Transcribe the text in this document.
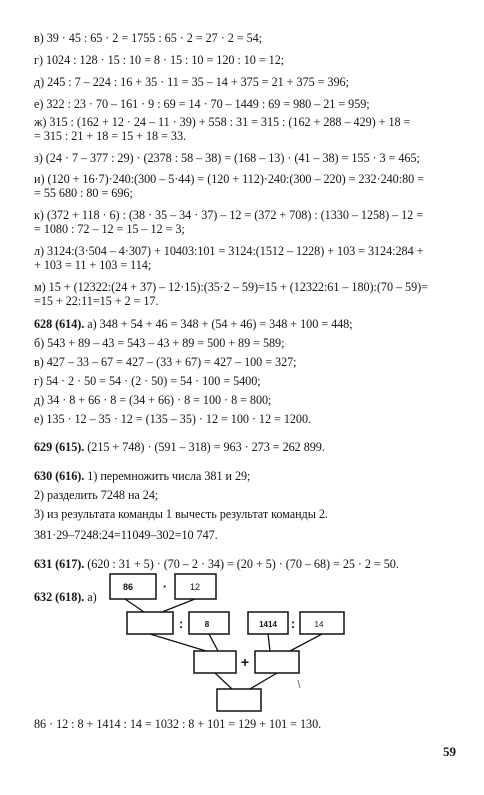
в) 39 · 45 : 65 · 2 = 1755 : 65 · 2 = 27 · 2 = 54;
г) 1024 : 128 · 15 : 10 = 8 · 15 : 10 = 120 : 10 = 12;
д) 245 : 7 – 224 : 16 + 35 · 11 = 35 – 14 + 375 = 21 + 375 = 396;
е) 322 : 23 · 70 – 161 · 9 : 69 = 14 · 70 – 1449 : 69 = 980 – 21 = 959;
ж) 315 : (162 + 12 · 24 – 11 · 39) + 558 : 31 = 315 : (162 + 288 – 429) + 18 =
= 315 : 21 + 18 = 15 + 18 = 33.
з) (24 · 7 – 377 : 29) · (2378 : 58 – 38) = (168 – 13) · (41 – 38) = 155 · 3 = 465;
и) (120 + 16·7)·240:(300 – 5·44) = (120 + 112)·240:(300 – 220) = 232·240:80 =
= 55 680 : 80 = 696;
к) (372 + 118 · 6) : (38 · 35 – 34 · 37) – 12 = (372 + 708) : (1330 – 1258) – 12 =
= 1080 : 72 – 12 = 15 – 12 = 3;
л) 3124:(3·504 – 4·307) + 10403:101 = 3124:(1512 – 1228) + 103 = 3124:284 +
+ 103 = 11 + 103 = 114;
м) 15 + (12322:(24 + 37) – 12·15):(35·2 – 59)=15 + (12322:61 – 180):(70 – 59)=
=15 + 22:11=15 + 2 = 17.
628 (614). а) 348 + 54 + 46 = 348 + (54 + 46) = 348 + 100 = 448;
б) 543 + 89 – 43 = 543 – 43 + 89 = 500 + 89 = 589;
в) 427 – 33 – 67 = 427 – (33 + 67) = 427 – 100 = 327;
г) 54 · 2 · 50 = 54 · (2 · 50) = 54 · 100 = 5400;
д) 34 · 8 + 66 · 8 = (34 + 66) · 8 = 100 · 8 = 800;
е) 135 · 12 – 35 · 12 = (135 – 35) · 12 = 100 · 12 = 1200.
629 (615). (215 + 748) · (591 – 318) = 963 · 273 = 262 899.
630 (616). 1) перемножить числа 381 и 29;
2) разделить 7248 на 24;
3) из результата команды 1 вычесть результат команды 2.
381·29–7248:24=11049–302=10 747.
631 (617). (620 : 31 + 5) · (70 – 2 · 34) = (20 + 5) · (70 – 68) = 25 · 2 = 50.
632 (618). а)
86 ·	12
:	8	1414 : 14
+
86 · 12 : 8 + 1414 : 14 = 1032 : 8 + 101 = 129 + 101 = 130.
59
